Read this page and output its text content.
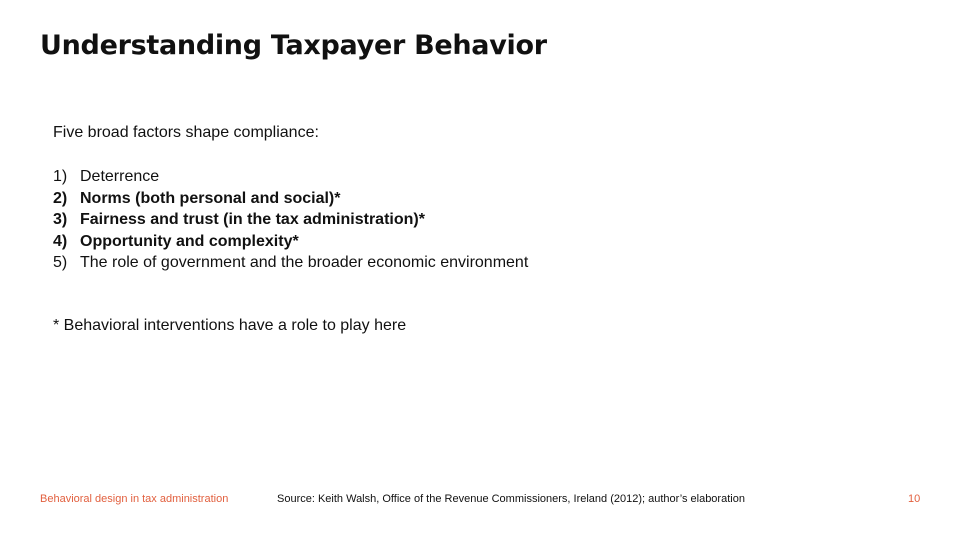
Understanding Taxpayer Behavior
Five broad factors shape compliance:
1) Deterrence
2) Norms (both personal and social)*
3) Fairness and trust (in the tax administration)*
4) Opportunity and complexity*
5) The role of government and the broader economic environment
* Behavioral interventions have a role to play here
Behavioral design in tax administration	Source: Keith Walsh, Office of the Revenue Commissioners, Ireland (2012); author’s elaboration	10
